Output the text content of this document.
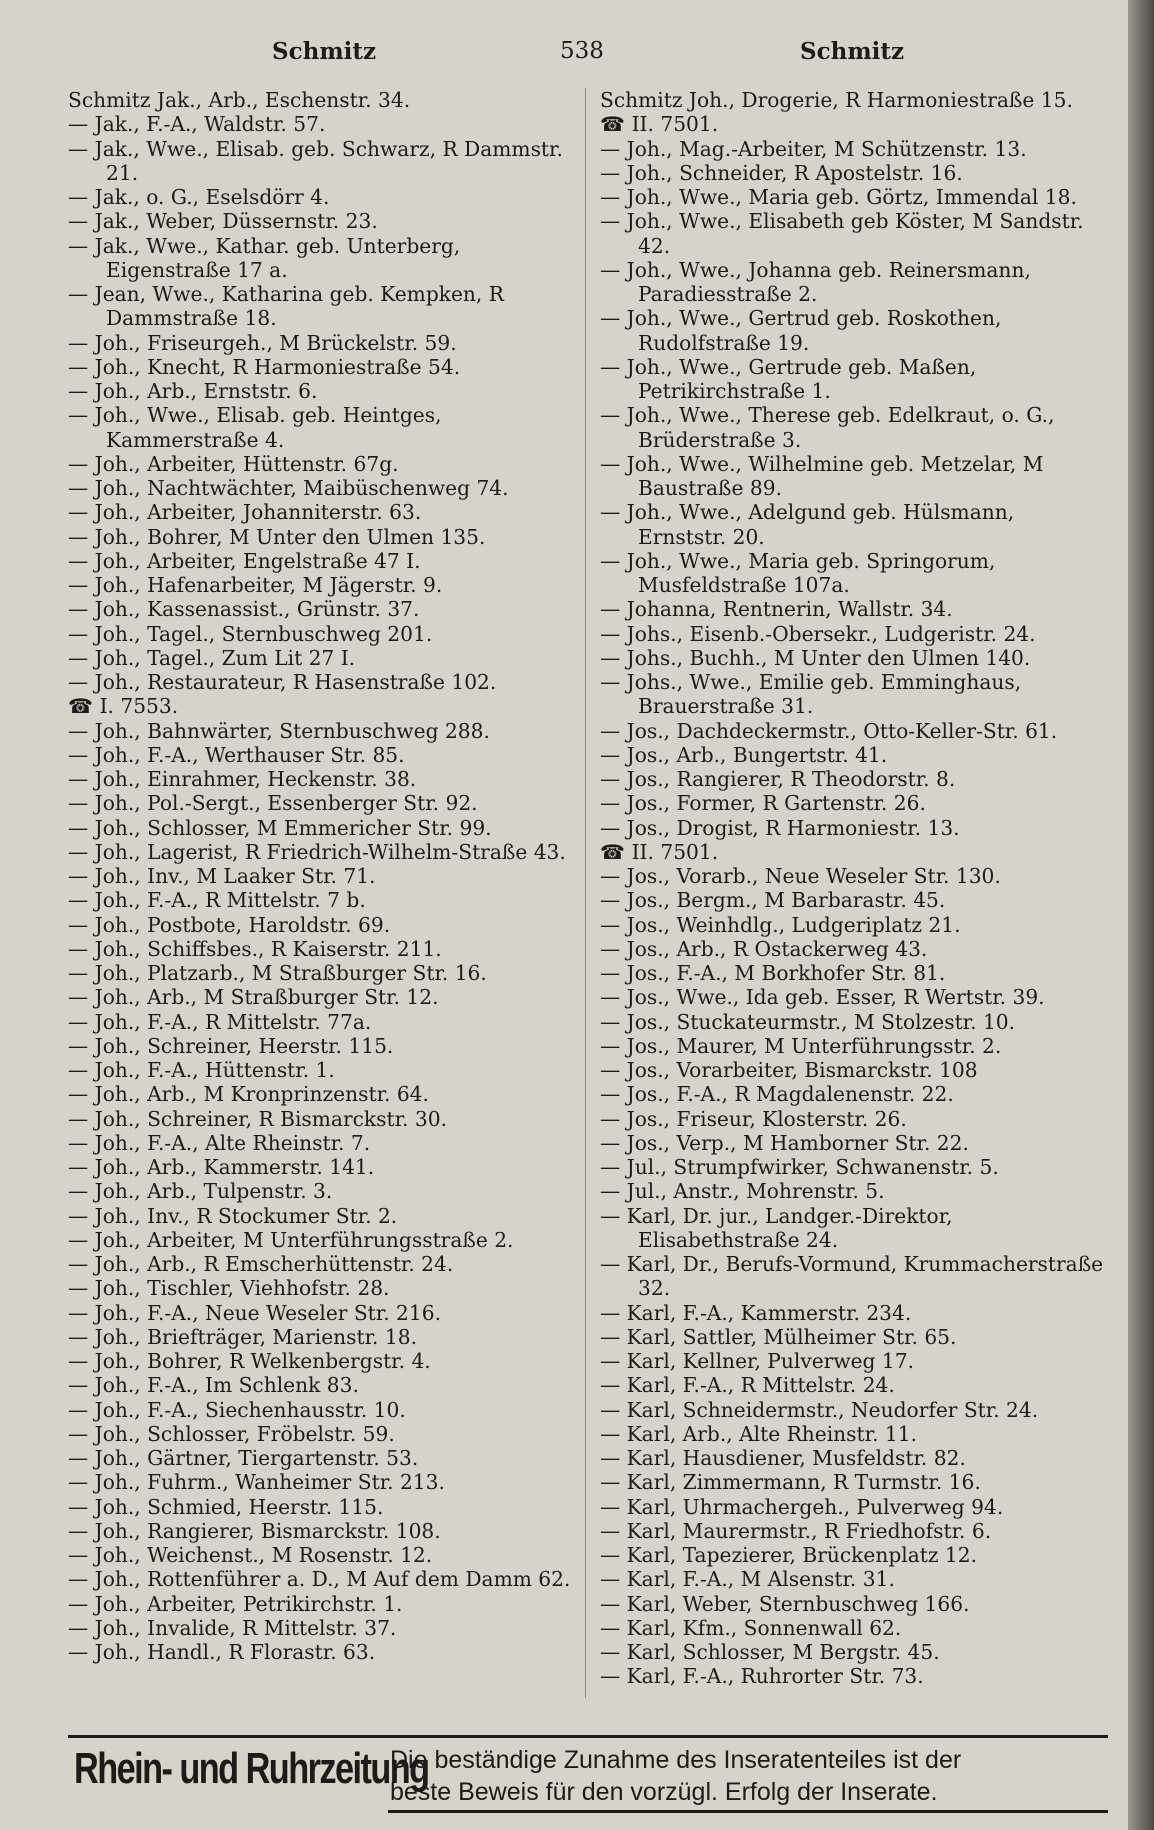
Schmitz	538	Schmitz
Schmitz Jak., Arb., Eschenstr. 34.
— Jak., F.-A., Waldstr. 57.
— Jak., Wwe., Elisab. geb. Schwarz, R Dammstr. 21.
— Jak., o. G., Eselsdörr 4.
— Jak., Weber, Düssernstr. 23.
— Jak., Wwe., Kathar. geb. Unterberg, Eigenstraße 17 a.
— Jean, Wwe., Katharina geb. Kempken, R Dammstraße 18.
— Joh., Friseurgeh., M Brückelstr. 59.
— Joh., Knecht, R Harmoniestraße 54.
— Joh., Arb., Ernststr. 6.
— Joh., Wwe., Elisab. geb. Heintges, Kammerstraße 4.
— Joh., Arbeiter, Hüttenstr. 67g.
— Joh., Nachtwächter, Maibüschenweg 74.
— Joh., Arbeiter, Johanniterstr. 63.
— Joh., Bohrer, M Unter den Ulmen 135.
— Joh., Arbeiter, Engelstraße 47 I.
— Joh., Hafenarbeiter, M Jägerstr. 9.
— Joh., Kassenassist., Grünstr. 37.
— Joh., Tagel., Sternbuschweg 201.
— Joh., Tagel., Zum Lit 27 I.
— Joh., Restaurateur, R Hasenstraße 102.
☎ I. 7553.
— Joh., Bahnwärter, Sternbuschweg 288.
— Joh., F.-A., Werthauser Str. 85.
— Joh., Einrahmer, Heckenstr. 38.
— Joh., Pol.-Sergt., Essenberger Str. 92.
— Joh., Schlosser, M Emmericher Str. 99.
— Joh., Lagerist, R Friedrich-Wilhelm-Straße 43.
— Joh., Inv., M Laaker Str. 71.
— Joh., F.-A., R Mittelstr. 7 b.
— Joh., Postbote, Haroldstr. 69.
— Joh., Schiffsbes., R Kaiserstr. 211.
— Joh., Platzarb., M Straßburger Str. 16.
— Joh., Arb., M Straßburger Str. 12.
— Joh., F.-A., R Mittelstr. 77a.
— Joh., Schreiner, Heerstr. 115.
— Joh., F.-A., Hüttenstr. 1.
— Joh., Arb., M Kronprinzenstr. 64.
— Joh., Schreiner, R Bismarckstr. 30.
— Joh., F.-A., Alte Rheinstr. 7.
— Joh., Arb., Kammerstr. 141.
— Joh., Arb., Tulpenstr. 3.
— Joh., Inv., R Stockumer Str. 2.
— Joh., Arbeiter, M Unterführungsstraße 2.
— Joh., Arb., R Emscherhüttenstr. 24.
— Joh., Tischler, Viehhofstr. 28.
— Joh., F.-A., Neue Weseler Str. 216.
— Joh., Briefträger, Marienstr. 18.
— Joh., Bohrer, R Welkenbergstr. 4.
— Joh., F.-A., Im Schlenk 83.
— Joh., F.-A., Siechenhausstr. 10.
— Joh., Schlosser, Fröbelstr. 59.
— Joh., Gärtner, Tiergartenstr. 53.
— Joh., Fuhrm., Wanheimer Str. 213.
— Joh., Schmied, Heerstr. 115.
— Joh., Rangierer, Bismarckstr. 108.
— Joh., Weichenst., M Rosenstr. 12.
— Joh., Rottenführer a. D., M Auf dem Damm 62.
— Joh., Arbeiter, Petrikirchstr. 1.
— Joh., Invalide, R Mittelstr. 37.
— Joh., Handl., R Florastr. 63.
Schmitz Joh., Drogerie, R Harmoniestraße 15.
☎ II. 7501.
— Joh., Mag.-Arbeiter, M Schützenstr. 13.
— Joh., Schneider, R Apostelstr. 16.
— Joh., Wwe., Maria geb. Görtz, Immendal 18.
— Joh., Wwe., Elisabeth geb Köster, M Sandstr. 42.
— Joh., Wwe., Johanna geb. Reinersmann, Paradiesstraße 2.
— Joh., Wwe., Gertrud geb. Roskothen, Rudolfstraße 19.
— Joh., Wwe., Gertrude geb. Maßen, Petrikirchstraße 1.
— Joh., Wwe., Therese geb. Edelkraut, o. G., Brüderstraße 3.
— Joh., Wwe., Wilhelmine geb. Metzelar, M Baustraße 89.
— Joh., Wwe., Adelgund geb. Hülsmann, Ernststr. 20.
— Joh., Wwe., Maria geb. Springorum, Musfeldstraße 107a.
— Johanna, Rentnerin, Wallstr. 34.
— Johs., Eisenb.-Obersekr., Ludgeristr. 24.
— Johs., Buchh., M Unter den Ulmen 140.
— Johs., Wwe., Emilie geb. Emminghaus, Brauerstraße 31.
— Jos., Dachdeckermstr., Otto-Keller-Str. 61.
— Jos., Arb., Bungertstr. 41.
— Jos., Rangierer, R Theodorstr. 8.
— Jos., Former, R Gartenstr. 26.
— Jos., Drogist, R Harmoniestr. 13.
☎ II. 7501.
— Jos., Vorarb., Neue Weseler Str. 130.
— Jos., Bergm., M Barbarastr. 45.
— Jos., Weinhdlg., Ludgeriplatz 21.
— Jos., Arb., R Ostackerweg 43.
— Jos., F.-A., M Borkhofer Str. 81.
— Jos., Wwe., Ida geb. Esser, R Wertstr. 39.
— Jos., Stuckateurmstr., M Stolzestr. 10.
— Jos., Maurer, M Unterführungsstr. 2.
— Jos., Vorarbeiter, Bismarckstr. 108
— Jos., F.-A., R Magdalenenstr. 22.
— Jos., Friseur, Klosterstr. 26.
— Jos., Verp., M Hamborner Str. 22.
— Jul., Strumpfwirker, Schwanenstr. 5.
— Jul., Anstr., Mohrenstr. 5.
— Karl, Dr. jur., Landger.-Direktor, Elisabethstraße 24.
— Karl, Dr., Berufs-Vormund, Krummacherstraße 32.
— Karl, F.-A., Kammerstr. 234.
— Karl, Sattler, Mülheimer Str. 65.
— Karl, Kellner, Pulverweg 17.
— Karl, F.-A., R Mittelstr. 24.
— Karl, Schneidermstr., Neudorfer Str. 24.
— Karl, Arb., Alte Rheinstr. 11.
— Karl, Hausdiener, Musfeldstr. 82.
— Karl, Zimmermann, R Turmstr. 16.
— Karl, Uhrmachergeh., Pulverweg 94.
— Karl, Maurermstr., R Friedhofstr. 6.
— Karl, Tapezierer, Brückenplatz 12.
— Karl, F.-A., M Alsenstr. 31.
— Karl, Weber, Sternbuschweg 166.
— Karl, Kfm., Sonnenwall 62.
— Karl, Schlosser, M Bergstr. 45.
— Karl, F.-A., Ruhrorter Str. 73.
Rhein- und Ruhrzeitung
Die beständige Zunahme des Inseratenteiles ist der
beste Beweis für den vorzügl. Erfolg der Inserate.
